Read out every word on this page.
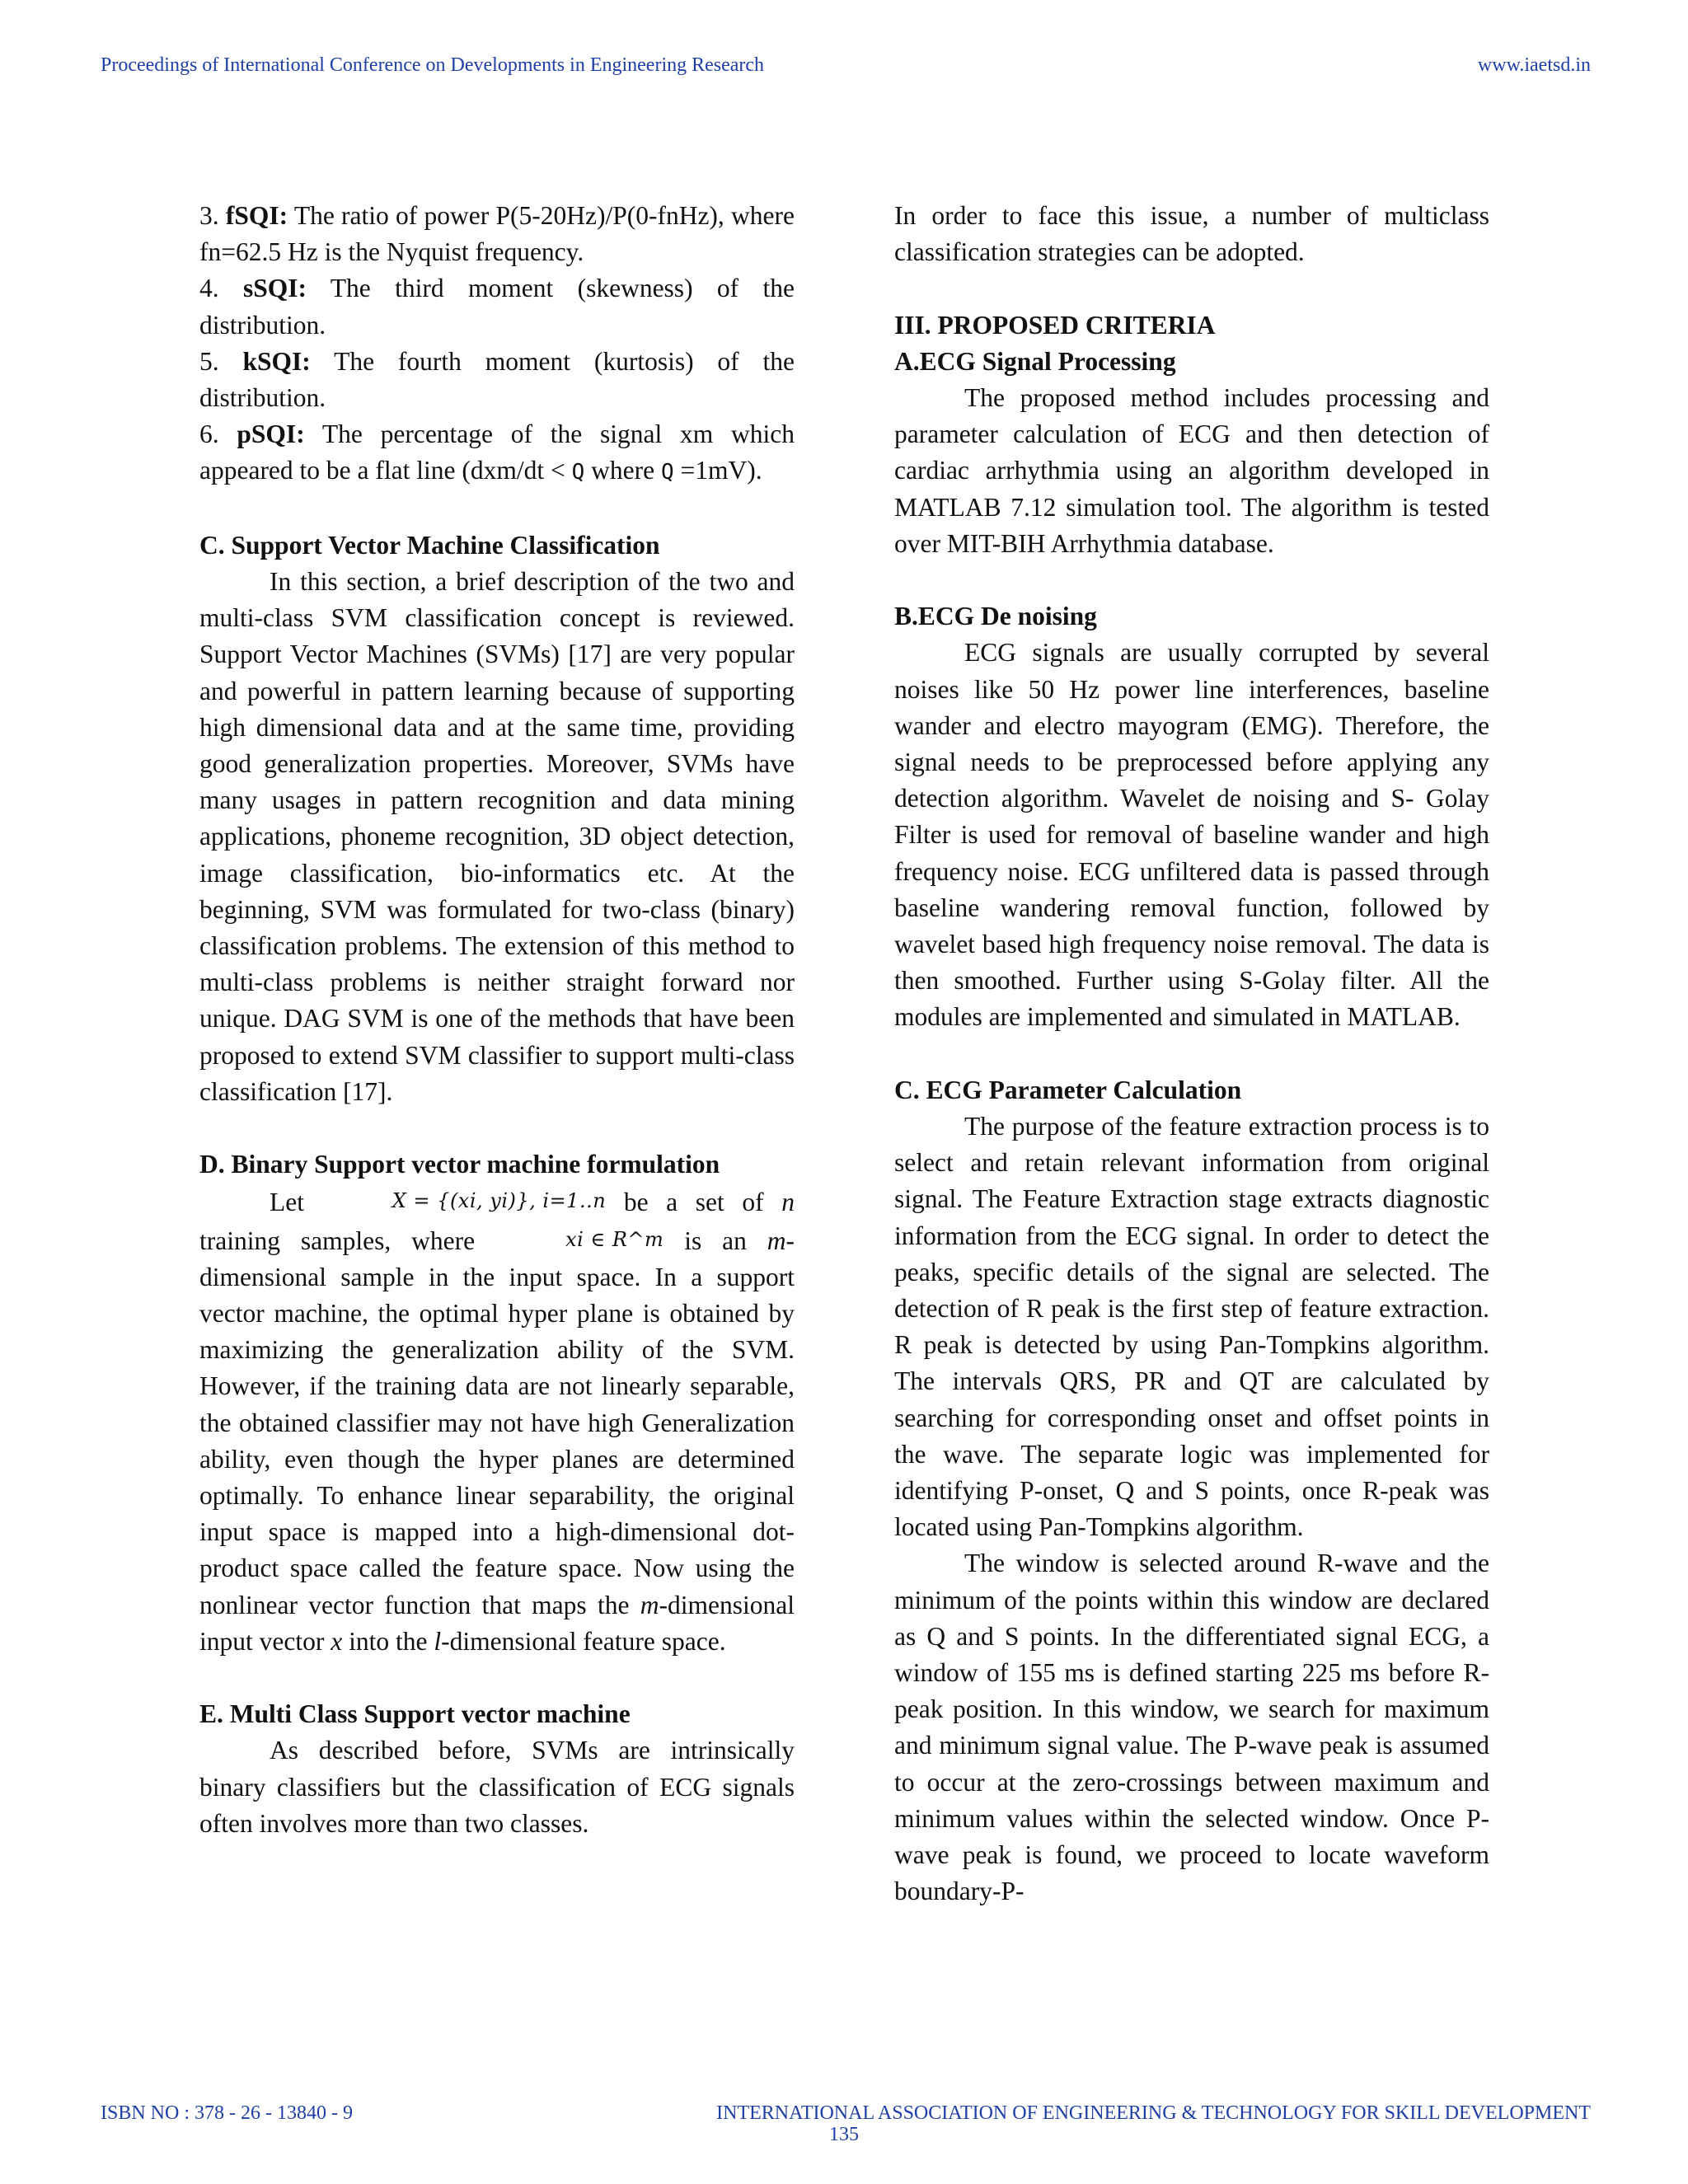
Proceedings of International Conference on Developments in Engineering Research	www.iaetsd.in

3. fSQI: The ratio of power P(5-20Hz)/P(0-fnHz), where fn=62.5 Hz is the Nyquist frequency.

4. sSQI: The third moment (skewness) of the distribution.

5. kSQI: The fourth moment (kurtosis) of the distribution.

6. pSQI: The percentage of the signal xm which appeared to be a flat line (dxm/dt < Q where Q =1mV).

C. Support Vector Machine Classification

In this section, a brief description of the two and multi-class SVM classification concept is reviewed. Support Vector Machines (SVMs) [17] are very popular and powerful in pattern learning because of supporting high dimensional data and at the same time, providing good generalization properties. Moreover, SVMs have many usages in pattern recognition and data mining applications, phoneme recognition, 3D object detection, image classification, bio-informatics etc. At the beginning, SVM was formulated for two-class (binary) classification problems. The extension of this method to multi-class problems is neither straight forward nor unique. DAG SVM is one of the methods that have been proposed to extend SVM classifier to support multi-class classification [17].

D. Binary Support vector machine formulation

Let	X = {(xi, yi)}, i=1..n be a set of n training samples, where	xi ∈ R^m is an m-dimensional sample in the input space. In a support vector machine, the optimal hyper plane is obtained by maximizing the generalization ability of the SVM. However, if the training data are not linearly separable, the obtained classifier may not have high Generalization ability, even though the hyper planes are determined optimally. To enhance linear separability, the original input space is mapped into a high-dimensional dot-product space called the feature space. Now using the nonlinear vector function that maps the m-dimensional input vector x into the l-dimensional feature space.

E. Multi Class Support vector machine

As described before, SVMs are intrinsically binary classifiers but the classification of ECG signals often involves more than two classes.

In order to face this issue, a number of multiclass classification strategies can be adopted.

III. PROPOSED CRITERIA

A.ECG Signal Processing

The proposed method includes processing and parameter calculation of ECG and then detection of cardiac arrhythmia using an algorithm developed in MATLAB 7.12 simulation tool. The algorithm is tested over MIT-BIH Arrhythmia database.

B.ECG De noising

ECG signals are usually corrupted by several noises like 50 Hz power line interferences, baseline wander and electro mayogram (EMG). Therefore, the signal needs to be preprocessed before applying any detection algorithm. Wavelet de noising and S- Golay Filter is used for removal of baseline wander and high frequency noise. ECG unfiltered data is passed through baseline wandering removal function, followed by wavelet based high frequency noise removal. The data is then smoothed. Further using S-Golay filter. All the modules are implemented and simulated in MATLAB.

C. ECG Parameter Calculation

The purpose of the feature extraction process is to select and retain relevant information from original signal. The Feature Extraction stage extracts diagnostic information from the ECG signal. In order to detect the peaks, specific details of the signal are selected. The detection of R peak is the first step of feature extraction. R peak is detected by using Pan-Tompkins algorithm. The intervals QRS, PR and QT are calculated by searching for corresponding onset and offset points in the wave. The separate logic was implemented for identifying P-onset, Q and S points, once R-peak was located using Pan-Tompkins algorithm.

The window is selected around R-wave and the minimum of the points within this window are declared as Q and S points. In the differentiated signal ECG, a window of 155 ms is defined starting 225 ms before R-peak position. In this window, we search for maximum and minimum signal value. The P-wave peak is assumed to occur at the zero-crossings between maximum and minimum values within the selected window. Once P-wave peak is found, we proceed to locate waveform boundary-P-

ISBN NO : 378 - 26 - 13840 - 9	INTERNATIONAL ASSOCIATION OF ENGINEERING & TECHNOLOGY FOR SKILL DEVELOPMENT
135
